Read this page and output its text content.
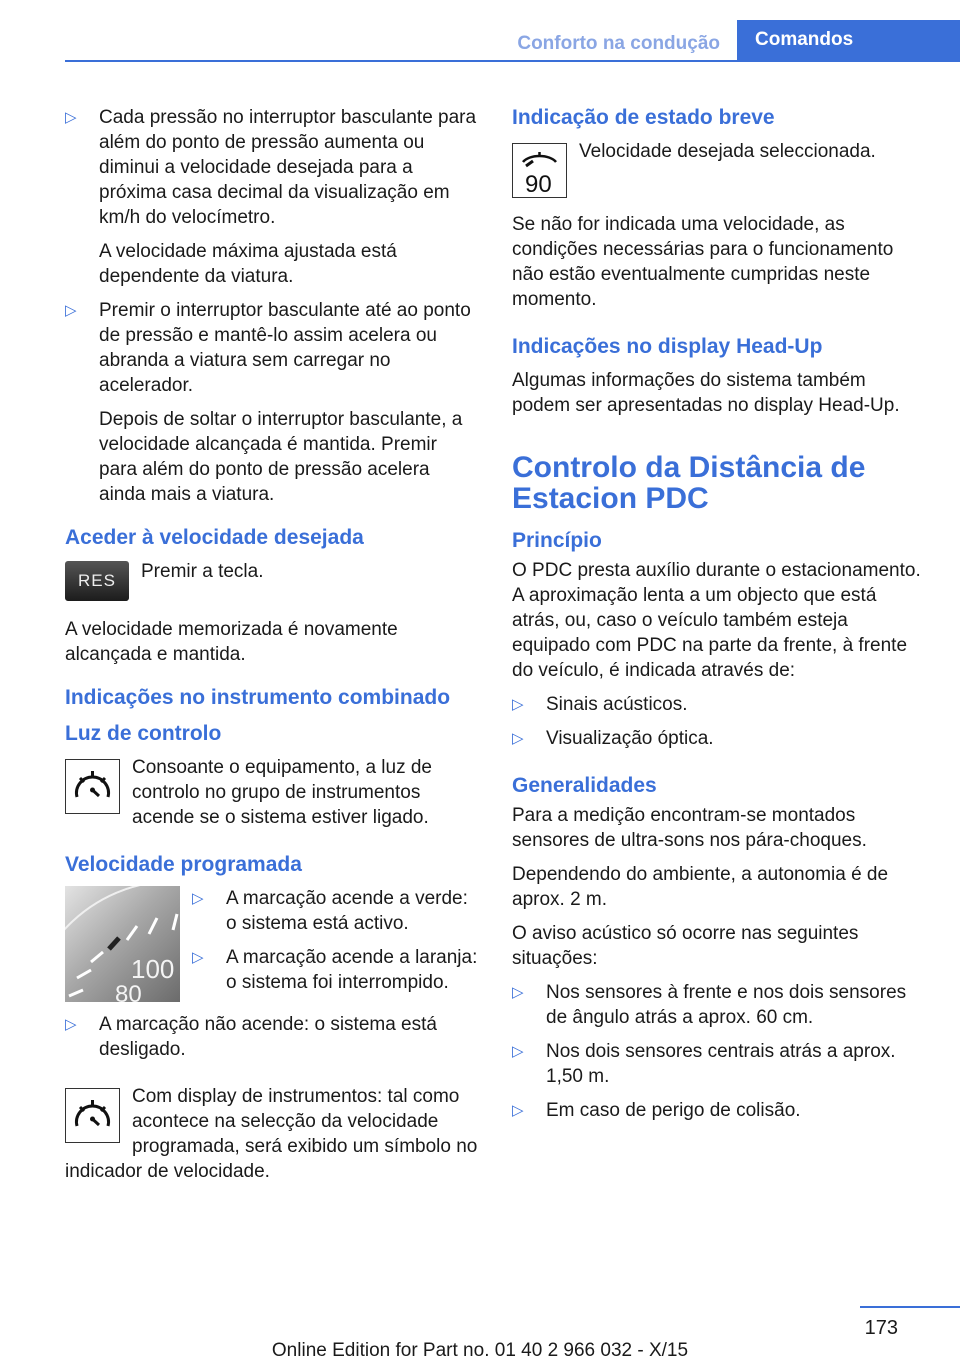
Conforto na condução	Comandos
▷ Cada pressão no interruptor basculante para além do ponto de pressão aumenta ou diminui a velocidade desejada para a próxima casa decimal da visualização em km/h do velocímetro.

A velocidade máxima ajustada está dependente da viatura.

▷ Premir o interruptor basculante até ao ponto de pressão e mantê-lo assim acelera ou abranda a viatura sem carregar no acelerador.

Depois de soltar o interruptor basculante, a velocidade alcançada é mantida. Premir para além do ponto de pressão acelera ainda mais a viatura.

Aceder à velocidade desejada
RES	Premir a tecla.

A velocidade memorizada é novamente alcançada e mantida.

Indicações no instrumento combinado
Luz de controlo
Consoante o equipamento, a luz de controlo no grupo de instrumentos acende se o sistema estiver ligado.
Velocidade programada
100
80
▷ A marcação acende a verde: o sistema está activo.

▷ A marcação acende a laranja: o sistema foi interrompido.

▷ A marcação não acende: o sistema está desligado.

Com display de instrumentos: tal como acontece na selecção da velocidade programada, será exibido um símbolo no indicador de velocidade.
Indicação de estado breve
90
Velocidade desejada seleccionada.

Se não for indicada uma velocidade, as condições necessárias para o funcionamento não estão eventualmente cumpridas neste momento.

Indicações no display Head-Up

Algumas informações do sistema também podem ser apresentadas no display Head-Up.

Controlo da Distância de Estacion PDC
Princípio

O PDC presta auxílio durante o estacionamento. A aproximação lenta a um objecto que está atrás, ou, caso o veículo também esteja equipado com PDC na parte da frente, à frente do veículo, é indicada através de:

▷ Sinais acústicos.

▷ Visualização óptica.

Generalidades

Para a medição encontram-se montados sensores de ultra-sons nos pára-choques.

Dependendo do ambiente, a autonomia é de aprox. 2 m.

O aviso acústico só ocorre nas seguintes situações:

▷ Nos sensores à frente e nos dois sensores de ângulo atrás a aprox. 60 cm.

▷ Nos dois sensores centrais atrás a aprox. 1,50 m.

▷ Em caso de perigo de colisão.

173
Online Edition for Part no. 01 40 2 966 032 - X/15
